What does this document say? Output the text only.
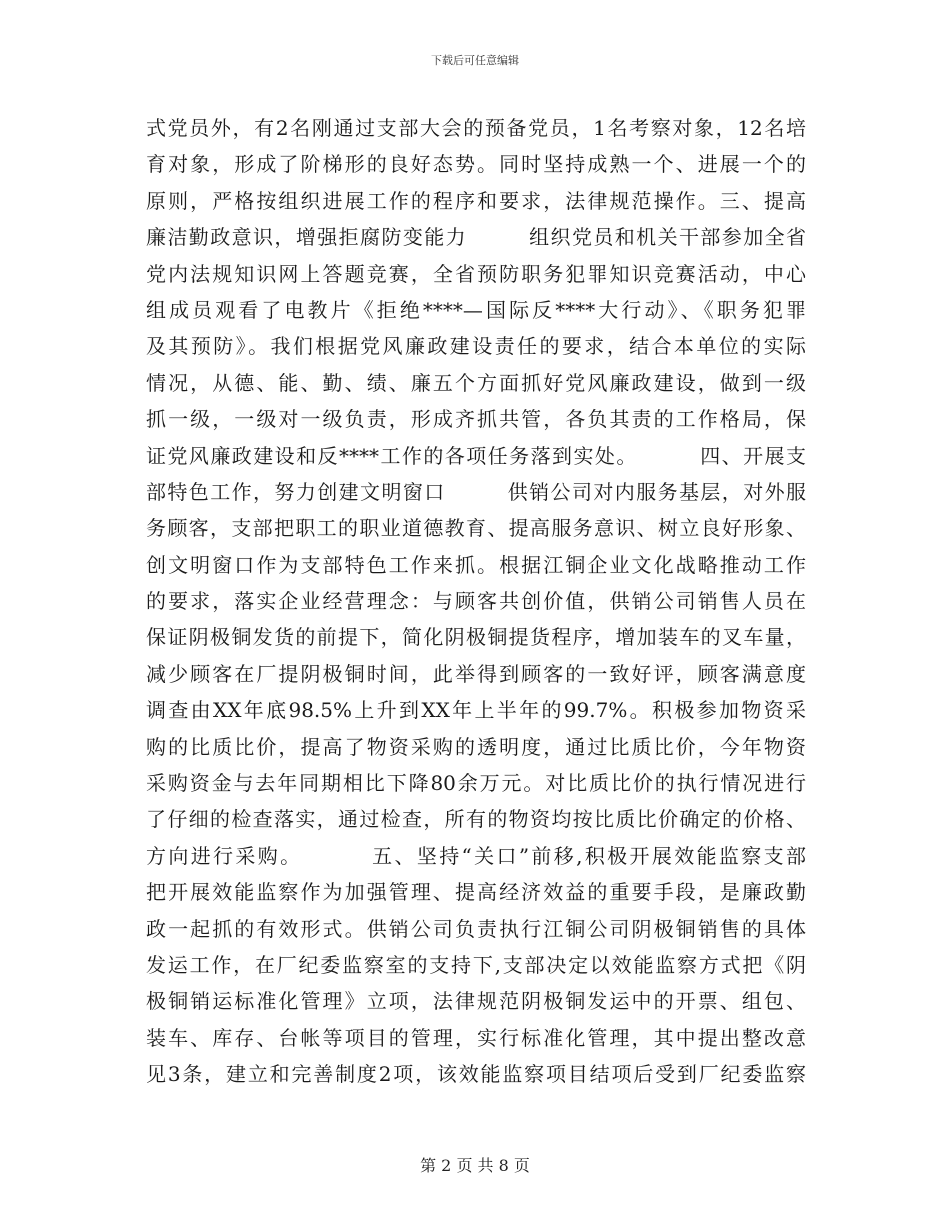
下载后可任意编辑
式党员外，有2名刚通过支部大会的预备党员，1名考察对象，12名培
育对象，形成了阶梯形的良好态势。同时坚持成熟一个、进展一个的
原则，严格按组织进展工作的程序和要求，法律规范操作。三、提高
廉洁勤政意识，增强拒腐防变能力        组织党员和机关干部参加全省
党内法规知识网上答题竞赛，全省预防职务犯罪知识竞赛活动，中心
组成员观看了电教片《拒绝****—国际反****大行动》、《职务犯罪
及其预防》。我们根据党风廉政建设责任的要求，结合本单位的实际
情况，从德、能、勤、绩、廉五个方面抓好党风廉政建设，做到一级
抓一级，一级对一级负责，形成齐抓共管，各负其责的工作格局，保
证党风廉政建设和反****工作的各项任务落到实处。        四、开展支
部特色工作，努力创建文明窗口        供销公司对内服务基层，对外服
务顾客，支部把职工的职业道德教育、提高服务意识、树立良好形象、
创文明窗口作为支部特色工作来抓。根据江铜企业文化战略推动工作
的要求，落实企业经营理念：与顾客共创价值，供销公司销售人员在
保证阴极铜发货的前提下，简化阴极铜提货程序，增加装车的叉车量，
减少顾客在厂提阴极铜时间，此举得到顾客的一致好评，顾客满意度
调查由XX年底98.5%上升到XX年上半年的99.7%。积极参加物资采
购的比质比价，提高了物资采购的透明度，通过比质比价，今年物资
采购资金与去年同期相比下降80余万元。对比质比价的执行情况进行
了仔细的检查落实，通过检查，所有的物资均按比质比价确定的价格、
方向进行采购。        五、坚持“关口”前移,积极开展效能监察支部
把开展效能监察作为加强管理、提高经济效益的重要手段，是廉政勤
政一起抓的有效形式。供销公司负责执行江铜公司阴极铜销售的具体
发运工作，在厂纪委监察室的支持下,支部决定以效能监察方式把《阴
极铜销运标准化管理》立项，法律规范阴极铜发运中的开票、组包、
装车、库存、台帐等项目的管理，实行标准化管理，其中提出整改意
见3条，建立和完善制度2项，该效能监察项目结项后受到厂纪委监察
第 2 页 共 8 页
